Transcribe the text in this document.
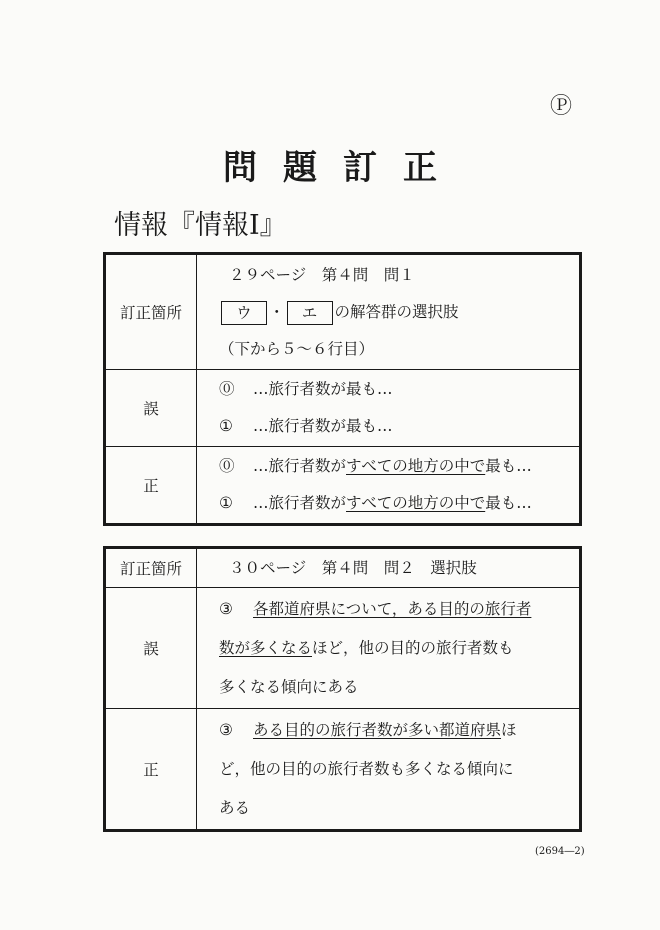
Ⓟ
問題訂正
情報『情報Ⅰ』
訂正箇所	２９ページ　第４問　問１
ウ ・ エ の解答群の選択肢
（下から５～６行目）

誤	⓪ …旅行者数が最も…
① …旅行者数が最も…

正	⓪ …旅行者数がすべての地方の中で最も…
① …旅行者数がすべての地方の中で最も…
訂正箇所	３０ページ　第４問　問２　選択肢

誤	③ 各都道府県について，ある目的の旅行者
数が多くなるほど，他の目的の旅行者数も
多くなる傾向にある

正	③ ある目的の旅行者数が多い都道府県ほ
ど，他の目的の旅行者数も多くなる傾向に
ある
(2694―2)
